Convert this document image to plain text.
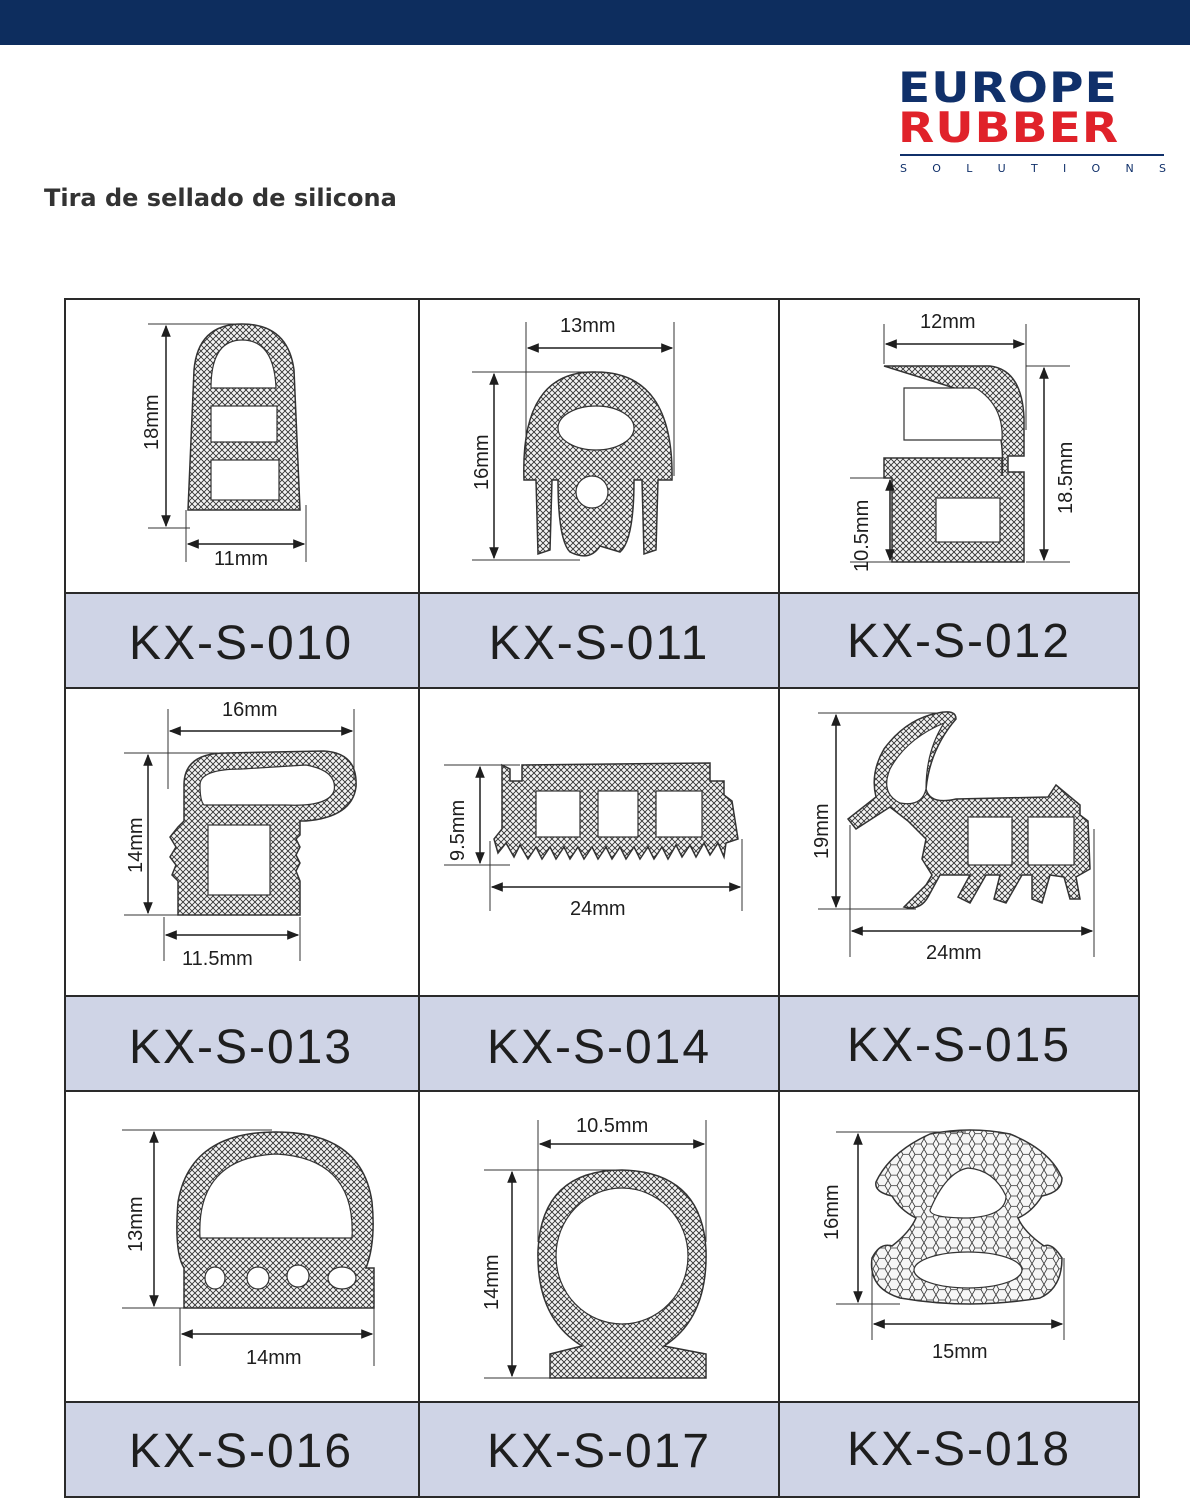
EUROPE
RUBBER
S O L U T I O N S
Tira de sellado de silicona
KX-S-010	KX-S-011	KX-S-012
KX-S-013	KX-S-014	KX-S-015
KX-S-016	KX-S-017	KX-S-018
18mm
11mm
13mm
16mm
12mm
10.5mm
18.5mm
16mm
14mm
11.5mm
9.5mm
24mm
19mm
24mm
13mm
14mm
10.5mm
14mm
16mm
15mm
